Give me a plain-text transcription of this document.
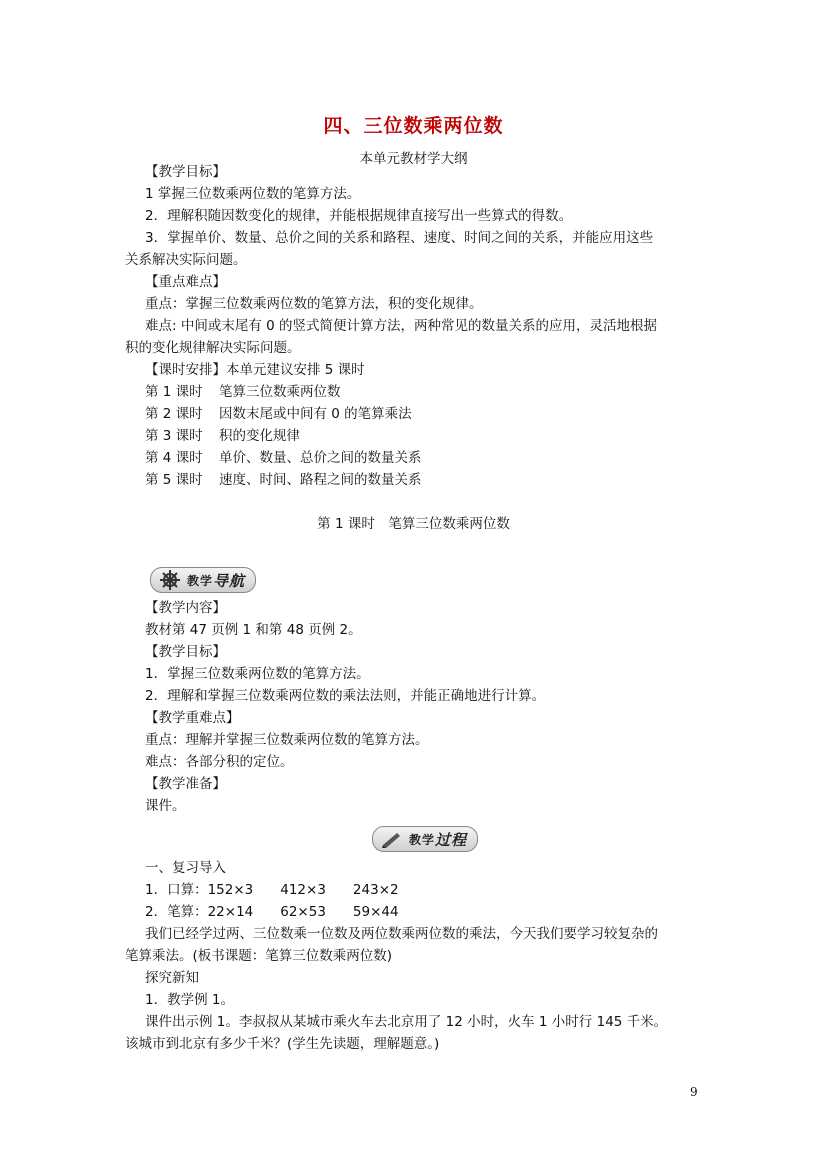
四、三位数乘两位数
本单元教材学大纲
【教学目标】
1 掌握三位数乘两位数的笔算方法。
2．理解积随因数变化的规律，并能根据规律直接写出一些算式的得数。
3．掌握单价、数量、总价之间的关系和路程、速度、时间之间的关系，并能应用这些
关系解决实际问题。
【重点难点】
重点：掌握三位数乘两位数的笔算方法，积的变化规律。
难点: 中间或末尾有 0 的竖式简便计算方法，两种常见的数量关系的应用，灵活地根据
积的变化规律解决实际问题。
【课时安排】本单元建议安排 5 课时
第 1 课时 笔算三位数乘两位数
第 2 课时 因数末尾或中间有 0 的笔算乘法
第 3 课时 积的变化规律
第 4 课时 单价、数量、总价之间的数量关系
第 5 课时 速度、时间、路程之间的数量关系
第 1 课时　笔算三位数乘两位数
教学 导航
【教学内容】
教材第 47 页例 1 和第 48 页例 2。
【教学目标】
1．掌握三位数乘两位数的笔算方法。
2．理解和掌握三位数乘两位数的乘法法则，并能正确地进行计算。
【教学重难点】
重点：理解并掌握三位数乘两位数的笔算方法。
难点：各部分积的定位。
【教学准备】
课件。
教学 过程
一、复习导入
1．口算：152×3　　412×3　　243×2
2．笔算：22×14　　62×53　　59×44
我们已经学过两、三位数乘一位数及两位数乘两位数的乘法，今天我们要学习较复杂的
笔算乘法。(板书课题：笔算三位数乘两位数)
探究新知
1．教学例 1。
课件出示例 1。李叔叔从某城市乘火车去北京用了 12 小时，火车 1 小时行 145 千米。
该城市到北京有多少千米？(学生先读题，理解题意。)
9
